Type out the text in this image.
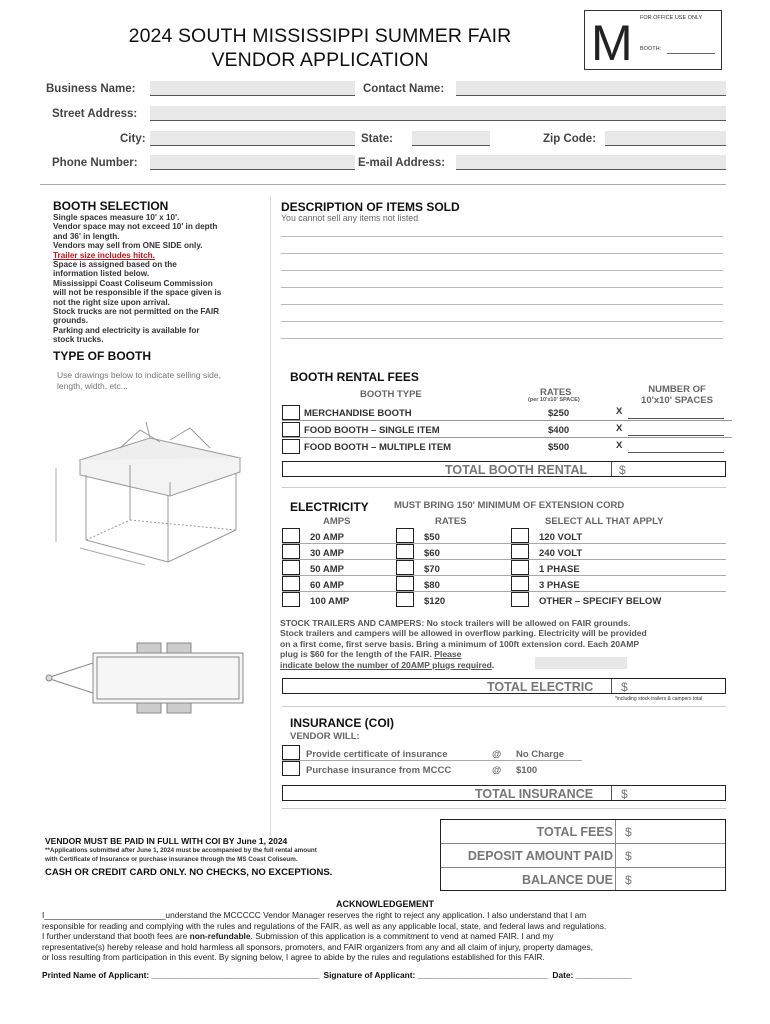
2024 SOUTH MISSISSIPPI SUMMER FAIR
VENDOR APPLICATION
FOR OFFICE USE ONLY
M BOOTH:
Business Name:	Contact Name:
Street Address:
City:	State:	Zip Code:
Phone Number:	E-mail Address:
BOOTH SELECTION
Single spaces measure 10' x 10'.
Vendor space may not exceed 10' in depth
and 36' in length.
Vendors may sell from ONE SIDE only.
Trailer size includes hitch.
Space is assigned based on the
information listed below.
Mississippi Coast Coliseum Commission
will not be responsible if the space given is
not the right size upon arrival.
Stock trucks are not permitted on the FAIR
grounds.
Parking and electricity is available for
stock trucks.
DESCRIPTION OF ITEMS SOLD
You cannot sell any items not listed
TYPE OF BOOTH
Use drawings below to indicate selling side,
length, width, etc...
BOOTH RENTAL FEES
BOOTH TYPE	RATES
(per 10'x10' SPACE)
NUMBER OF
10'x10' SPACES
MERCHANDISE BOOTH	$250	X
FOOD BOOTH – SINGLE ITEM	$400	X
FOOD BOOTH – MULTIPLE ITEM	$500	X
TOTAL BOOTH RENTAL	$
ELECTRICITY	MUST BRING 150' MINIMUM OF EXTENSION CORD
AMPS	RATES	SELECT ALL THAT APPLY
20 AMP	$50	120 VOLT
30 AMP	$60	240 VOLT
50 AMP	$70	1 PHASE
60 AMP	$80	3 PHASE
100 AMP	$120	OTHER – SPECIFY BELOW
STOCK TRAILERS AND CAMPERS: No stock trailers will be allowed on FAIR grounds.
Stock trailers and campers will be allowed in overflow parking. Electricity will be provided
on a first come, first serve basis. Bring a minimum of 100ft extension cord. Each 20AMP
plug is $60 for the length of the FAIR. Please
indicate below the number of 20AMP plugs required.
TOTAL ELECTRIC $
*including stock trailers & campers total
INSURANCE (COI)
VENDOR WILL:
Provide certificate of insurance	@ No Charge
Purchase insurance from MCCC	@ $100
TOTAL INSURANCE $
VENDOR MUST BE PAID IN FULL WITH COI BY June 1, 2024
**Applications submitted after June 1, 2024 must be accompanied by the full rental amount
with Certificate of Insurance or purchase insurance through the MS Coast Coliseum.
CASH OR CREDIT CARD ONLY. NO CHECKS, NO EXCEPTIONS.
TOTAL FEES $
DEPOSIT AMOUNT PAID $
BALANCE DUE $
ACKNOWLEDGEMENT
I__________________________understand the MCCCCC Vendor Manager reserves the right to reject any application. I also understand that I am
responsible for reading and complying with the rules and regulations of the FAIR, as well as any applicable local, state, and federal laws and regulations.
I further understand that booth fees are non-refundable. Submission of this application is a commitment to vend at named FAIR. I and my
representative(s) hereby release and hold harmless all sponsors, promoters, and FAIR organizers from any and all claim of injury, property damages,
or loss resulting from participation in this event. By signing below, I agree to abide by the rules and regulations established for this FAIR.
Printed Name of Applicant: ____________________________________ Signature of Applicant: ____________________________ Date: ____________
